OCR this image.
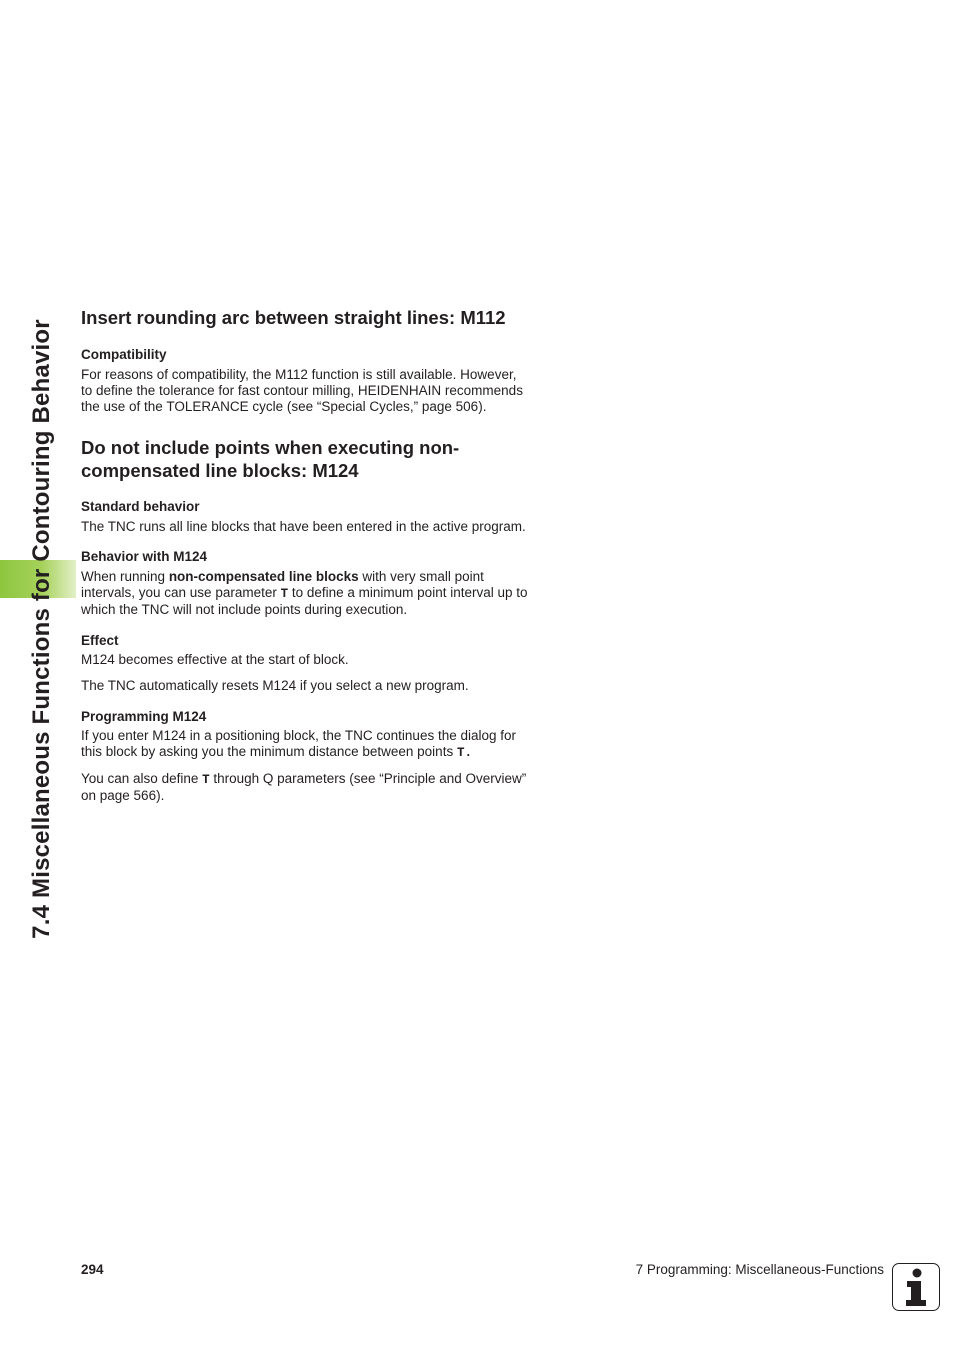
7.4 Miscellaneous Functions for Contouring Behavior
Insert rounding arc between straight lines: M112
Compatibility

For reasons of compatibility, the M112 function is still available. However, to define the tolerance for fast contour milling, HEIDENHAIN recommends the use of the TOLERANCE cycle (see “Special Cycles,” page 506).

Do not include points when executing non-
compensated line blocks: M124
Standard behavior

The TNC runs all line blocks that have been entered in the active program.

Behavior with M124

When running non-compensated line blocks with very small point intervals, you can use parameter T to define a minimum point interval up to which the TNC will not include points during execution.

Effect

M124 becomes effective at the start of block.

The TNC automatically resets M124 if you select a new program.

Programming M124

If you enter M124 in a positioning block, the TNC continues the dialog for this block by asking you the minimum distance between points T.

You can also define T through Q parameters (see “Principle and Overview” on page 566).

294	7 Programming: Miscellaneous-Functions
